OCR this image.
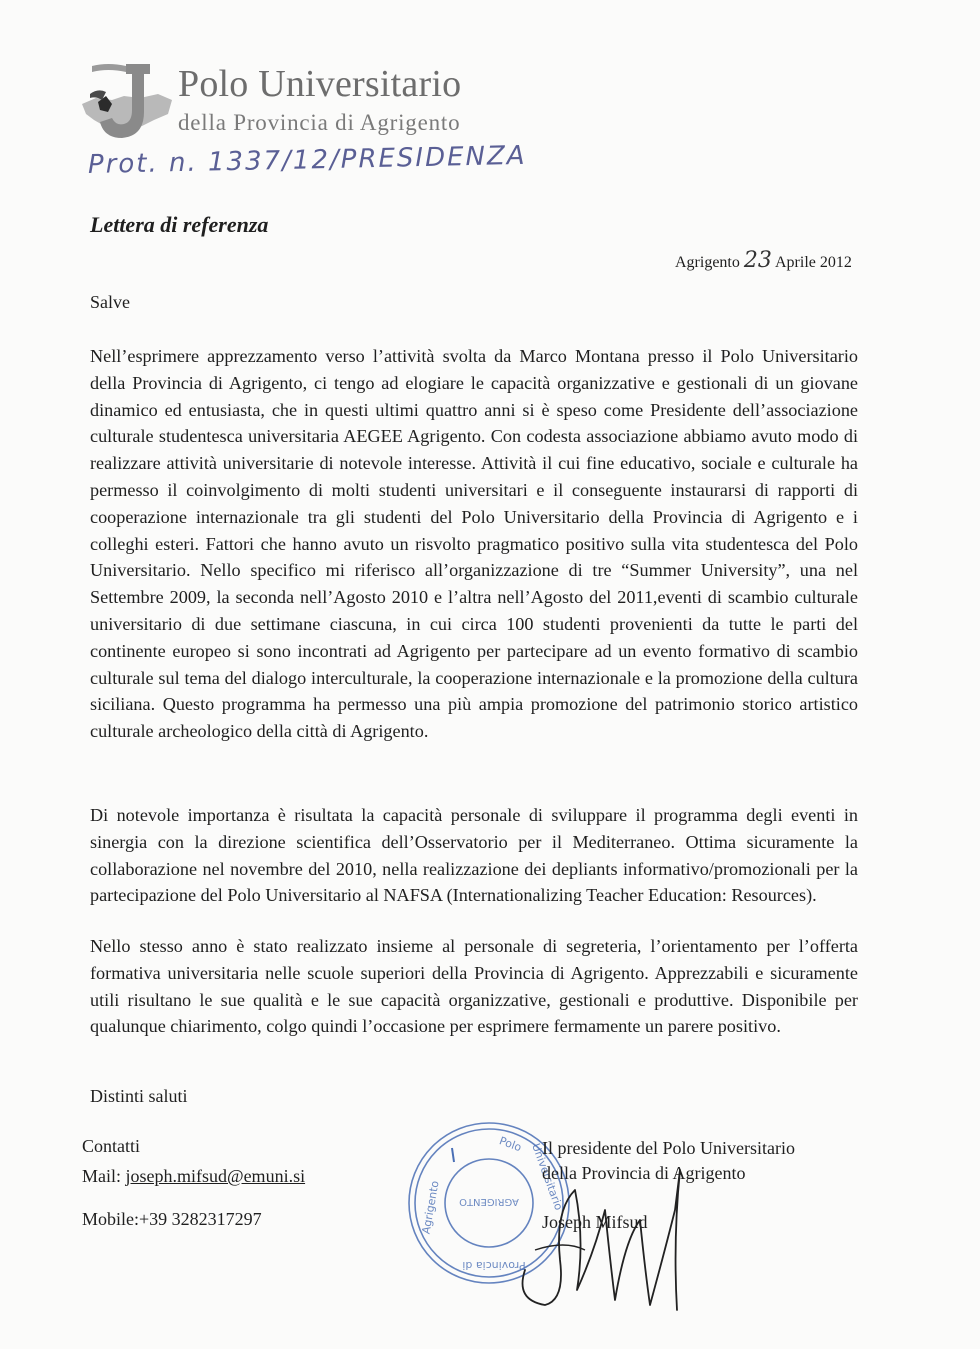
Polo Universitario
della Provincia di Agrigento
Prot. n. 1337/12/PRESIDENZA
Lettera di referenza
Agrigento 23 Aprile 2012
Salve

Nell’esprimere apprezzamento verso l’attività svolta da Marco Montana presso il Polo Universitario della Provincia di Agrigento, ci tengo ad elogiare le capacità organizzative e gestionali di un giovane dinamico ed entusiasta, che in questi ultimi quattro anni si è speso come Presidente dell’associazione culturale studentesca universitaria AEGEE Agrigento. Con codesta associazione abbiamo avuto modo di realizzare attività universitarie di notevole interesse. Attività il cui fine educativo, sociale e culturale ha permesso il coinvolgimento di molti studenti universitari e il conseguente instaurarsi di rapporti di cooperazione internazionale tra gli studenti del Polo Universitario della Provincia di Agrigento e i colleghi esteri. Fattori che hanno avuto un risvolto pragmatico positivo sulla vita studentesca del Polo Universitario. Nello specifico mi riferisco all’organizzazione di tre “Summer University”, una nel Settembre 2009, la seconda nell’Agosto 2010 e l’altra nell’Agosto del 2011,eventi di scambio culturale universitario di due settimane ciascuna, in cui circa 100 studenti provenienti da tutte le parti del continente europeo si sono incontrati ad Agrigento per partecipare ad un evento formativo di scambio culturale sul tema del dialogo interculturale, la cooperazione internazionale e la promozione della cultura siciliana. Questo programma ha permesso una più ampia promozione del patrimonio storico artistico culturale archeologico della città di Agrigento.

Di notevole importanza è risultata la capacità personale di sviluppare il programma degli eventi in sinergia con la direzione scientifica dell’Osservatorio per il Mediterraneo. Ottima sicuramente la collaborazione nel novembre del 2010, nella realizzazione dei depliants informativo/promozionali per la partecipazione del Polo Universitario al NAFSA (Internationalizing Teacher Education: Resources).

Nello stesso anno è stato realizzato insieme al personale di segreteria, l’orientamento per l’offerta formativa universitaria nelle scuole superiori della Provincia di Agrigento. Apprezzabili e sicuramente utili risultano le sue qualità e le sue capacità organizzative, gestionali e produttive. Disponibile per qualunque chiarimento, colgo quindi l’occasione per esprimere fermamente un parere positivo.

Distinti saluti
Contatti
Mail: joseph.mifsud@emuni.si
Mobile:+39 3282317297
Polo Universitario
Agrigento
Provincia di
AGRIGENTO
Il presidente del Polo Universitario
della Provincia di Agrigento
Joseph Mifsud
